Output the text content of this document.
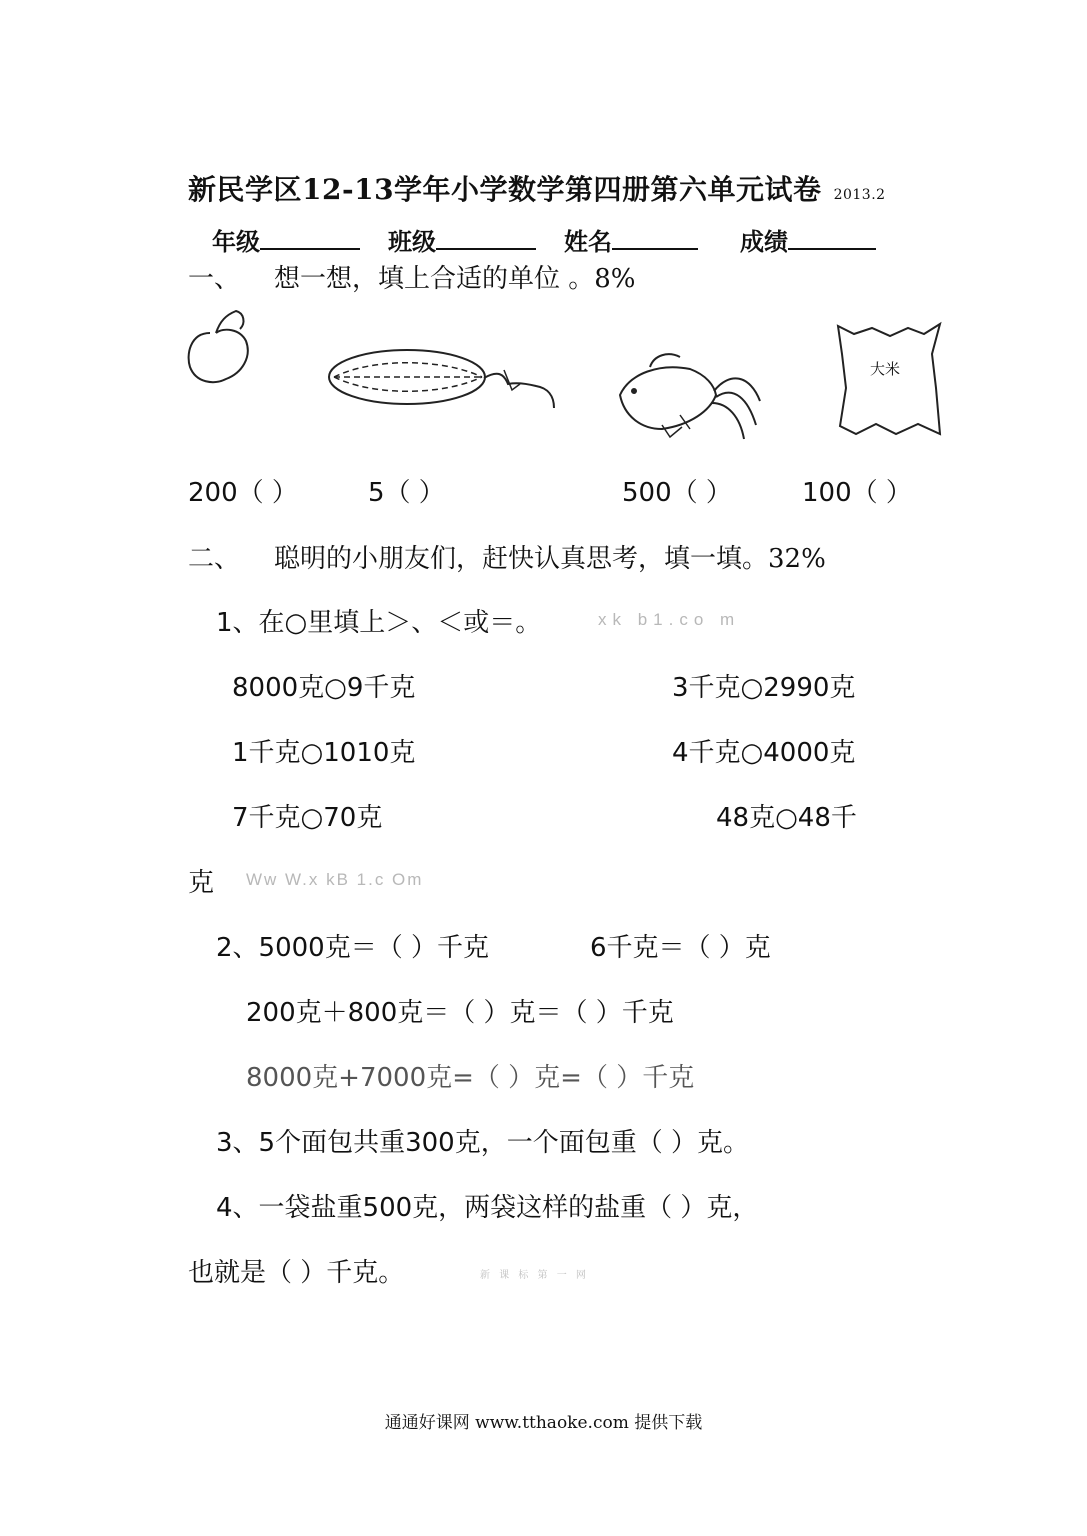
新民学区12-13学年小学数学第四册第六单元试卷 2013.2
年级	班级	姓名	成绩
一、 想一想，填上合适的单位 。8%
大米
200（ ）	5（ ）	500（ ）	100（ ）
二、 聪明的小朋友们，赶快认真思考，填一填。32%
1、在○里填上＞、＜或＝。	xk b1.co m
8000克○9千克	3千克○2990克
1千克○1010克	4千克○4000克
7千克○70克	48克○48千
克 Ww W.x kB 1.c Om
2、5000克＝（ ）千克	6千克＝（ ）克
200克＋800克＝（ ）克＝（ ）千克
8000克+7000克=（ ）克=（ ）千克
3、5个面包共重300克，一个面包重（ ）克。
4、一袋盐重500克，两袋这样的盐重（ ）克，
也就是（ ）千克。	新 课 标 第 一 网
通通好课网 www.tthaoke.com 提供下载
